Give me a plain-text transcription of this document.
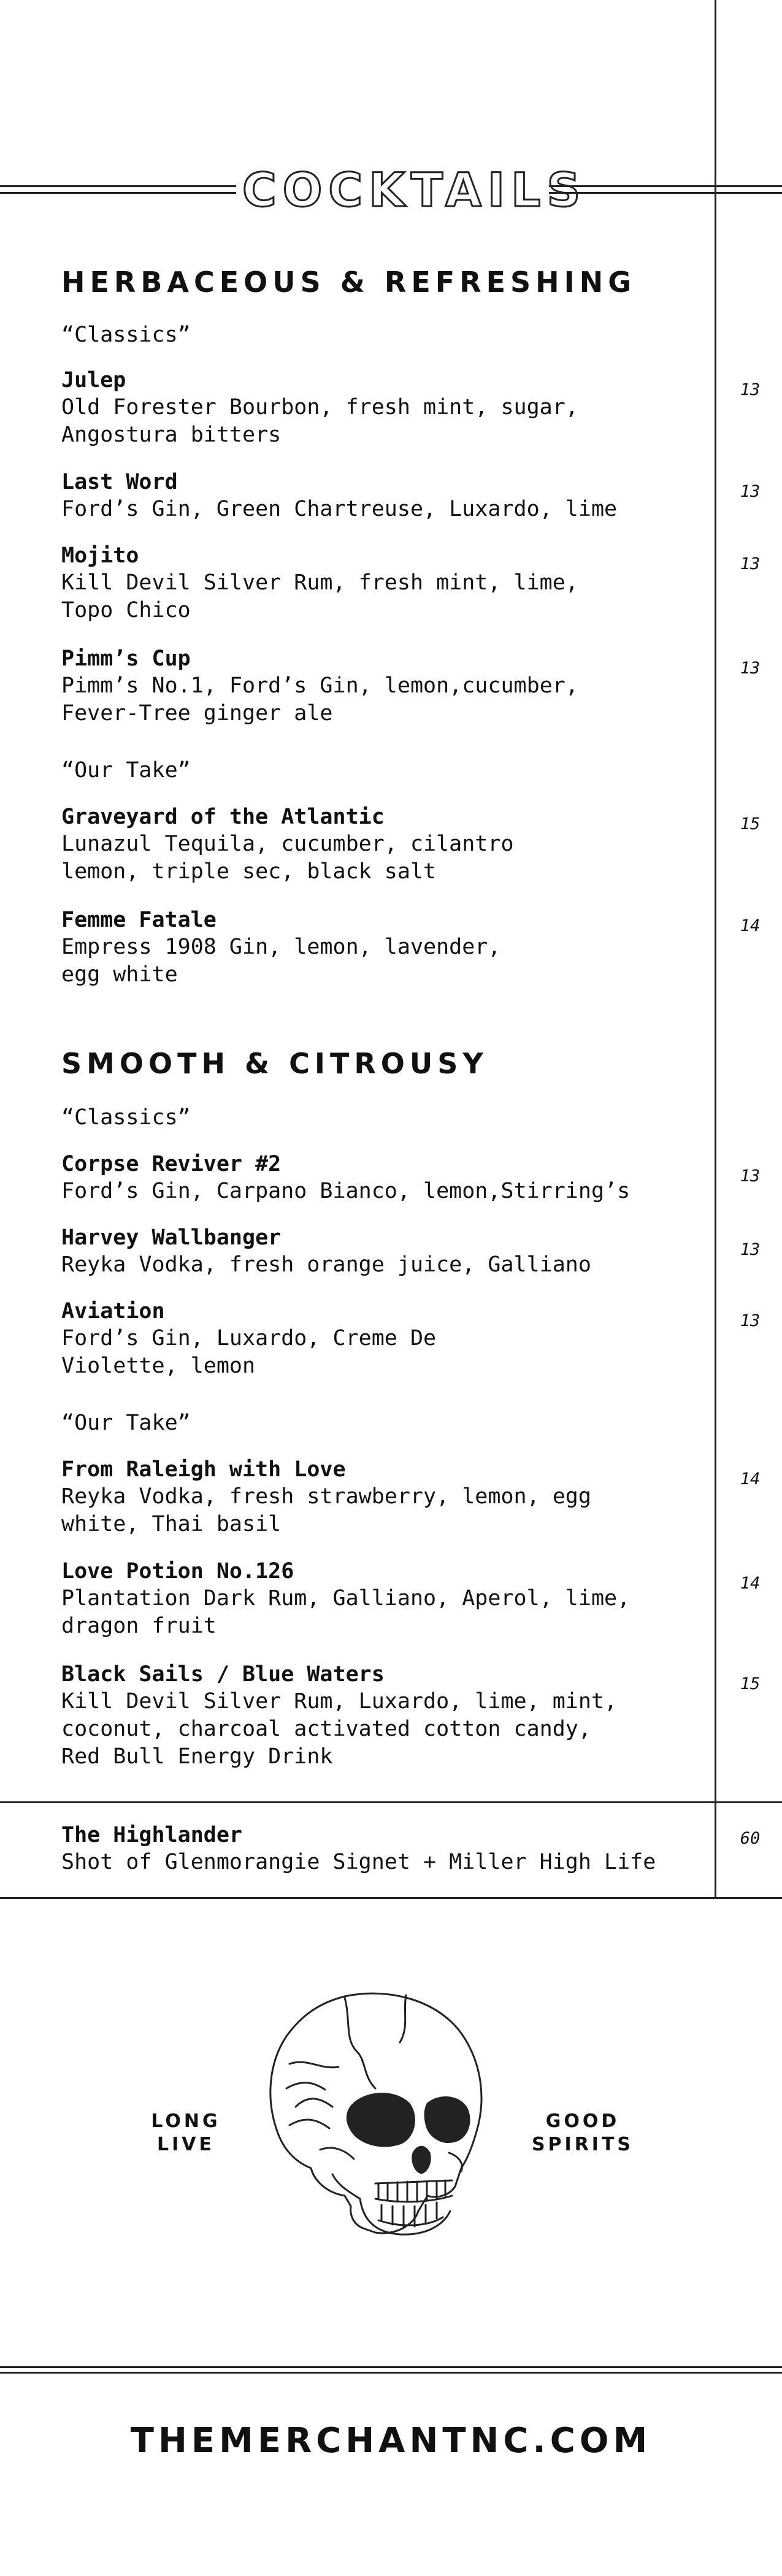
COCKTAILS
HERBACEOUS & REFRESHING
“Classics”
Julep
Old Forester Bourbon, fresh mint, sugar,
Angostura bitters
13
Last Word
Ford’s Gin, Green Chartreuse, Luxardo, lime
13
Mojito
Kill Devil Silver Rum, fresh mint, lime,
Topo Chico
13
Pimm’s Cup
Pimm’s No.1, Ford’s Gin, lemon,cucumber,
Fever-Tree ginger ale
13
“Our Take”
Graveyard of the Atlantic
Lunazul Tequila, cucumber, cilantro
lemon, triple sec, black salt
15
Femme Fatale
Empress 1908 Gin, lemon, lavender,
egg white
14
SMOOTH & CITROUSY
“Classics”
Corpse Reviver #2
Ford’s Gin, Carpano Bianco, lemon,Stirring’s
13
Harvey Wallbanger
Reyka Vodka, fresh orange juice, Galliano
13
Aviation
Ford’s Gin, Luxardo, Creme De
Violette, lemon
13
“Our Take”
From Raleigh with Love
Reyka Vodka, fresh strawberry, lemon, egg
white, Thai basil
14
Love Potion No.126
Plantation Dark Rum, Galliano, Aperol, lime,
dragon fruit
14
Black Sails / Blue Waters
Kill Devil Silver Rum, Luxardo, lime, mint,
coconut, charcoal activated cotton candy,
Red Bull Energy Drink
15
The Highlander
Shot of Glenmorangie Signet + Miller High Life
60
LONG
LIVE
GOOD
SPIRITS
THEMERCHANTNC.COM
